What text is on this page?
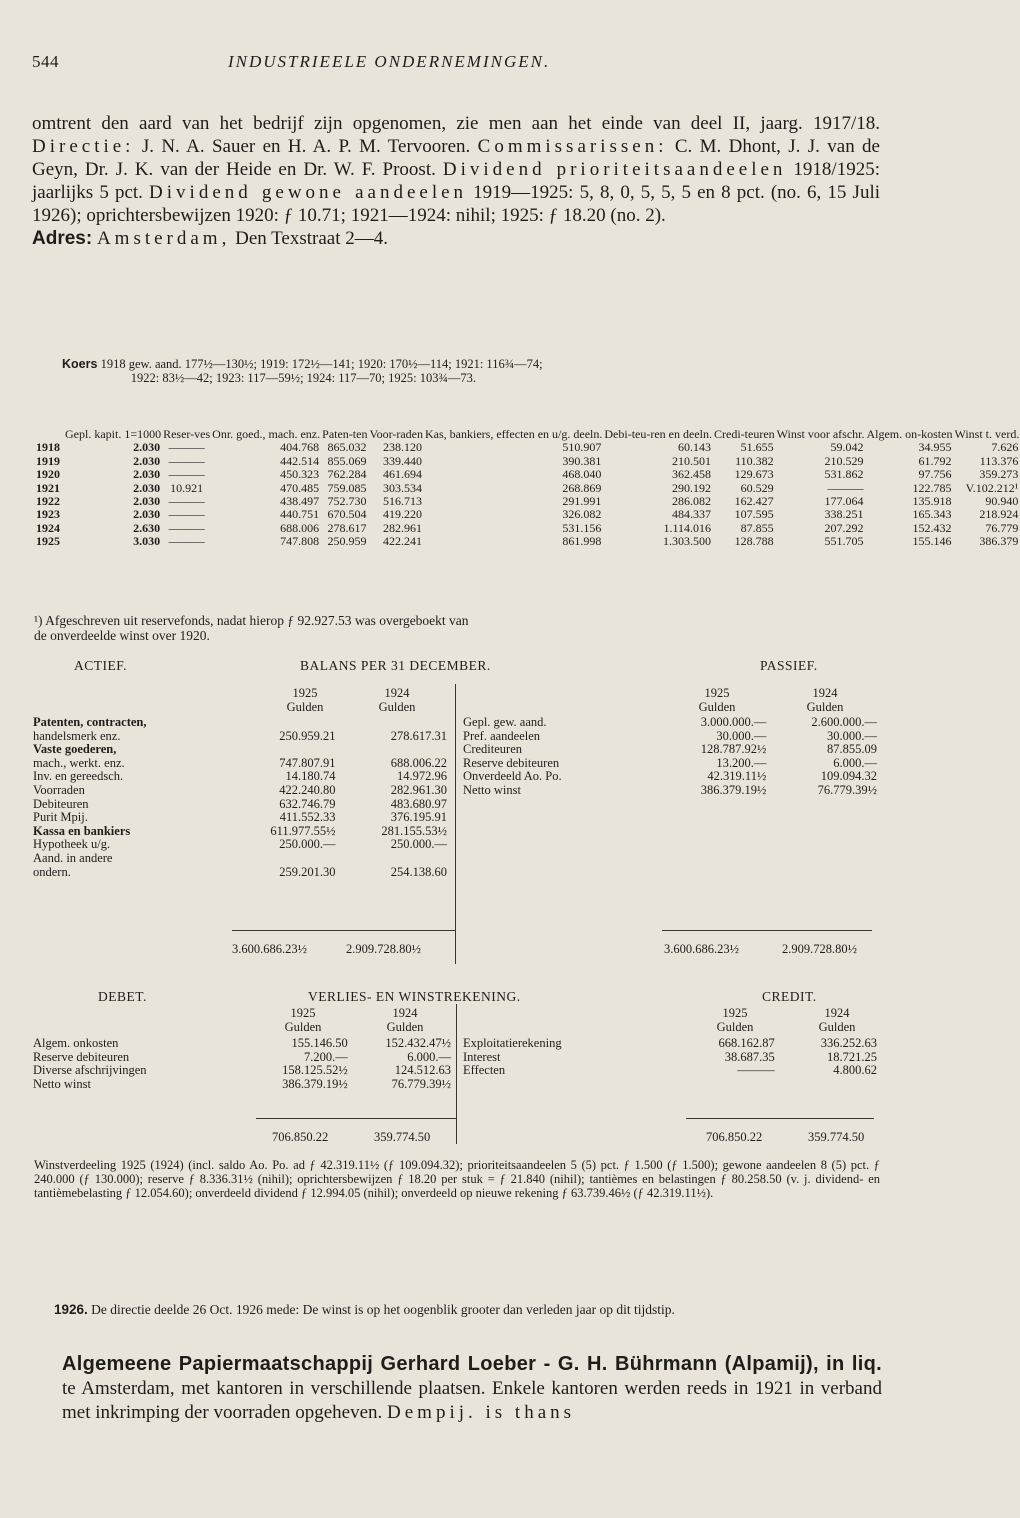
544	INDUSTRIEELE ONDERNEMINGEN.
omtrent den aard van het bedrijf zijn opgenomen, zie men aan het einde van deel II, jaarg. 1917/18. Directie: J. N. A. Sauer en H. A. P. M. Tervooren. Commissarissen: C. M. Dhont, J. J. van de Geyn, Dr. J. K. van der Heide en Dr. W. F. Proost. Dividend prioriteitsaandeelen 1918/1925: jaarlijks 5 pct. Dividend gewone aandeelen 1919—1925: 5, 8, 0, 5, 5, 5 en 8 pct. (no. 6, 15 Juli 1926); oprichtersbewijzen 1920: ƒ 10.71; 1921—1924: nihil; 1925: ƒ 18.20 (no. 2).
Adres: Amsterdam, Den Texstraat 2—4.
Koers 1918 gew. aand. 177½—130½; 1919: 172½—141; 1920: 170½—114; 1921: 116¾—74;
1922: 83½—42; 1923: 117—59½; 1924: 117—70; 1925: 103¾—73.
	Gepl. kapit. 1=1000	Reser-ves	Onr. goed., mach. enz.	Paten-ten	Voor-raden	Kas, bankiers, effecten en u/g. deeln.	Debi-teu-ren en deeln.	Credi-teuren	Winst voor afschr.	Algem. on-kosten	Winst t. verd.
1918	2.030	———	404.768	865.032	238.120	510.907	60.143	51.655	59.042	34.955	7.626
1919	2.030	———	442.514	855.069	339.440	390.381	210.501	110.382	210.529	61.792	113.376
1920	2.030	———	450.323	762.284	461.694	468.040	362.458	129.673	531.862	97.756	359.273
1921	2.030	10.921	470.485	759.085	303.534	268.869	290.192	60.529	———	122.785	V.102.212¹
1922	2.030	———	438.497	752.730	516.713	291.991	286.082	162.427	177.064	135.918	90.940
1923	2.030	———	440.751	670.504	419.220	326.082	484.337	107.595	338.251	165.343	218.924
1924	2.630	———	688.006	278.617	282.961	531.156	1.114.016	87.855	207.292	152.432	76.779
1925	3.030	———	747.808	250.959	422.241	861.998	1.303.500	128.788	551.705	155.146	386.379
¹) Afgeschreven uit reservefonds, nadat hierop ƒ 92.927.53 was overgeboekt van
de onverdeelde winst over 1920.
ACTIEF.	BALANS PER 31 DECEMBER.	PASSIEF.
1925
Gulden
1924
Gulden
1925
Gulden
1924
Gulden
Patenten, contracten,		
handelsmerk enz.	250.959.21	278.617.31
Vaste goederen,		
mach., werkt. enz.	747.807.91	688.006.22
Inv. en gereedsch.	14.180.74	14.972.96
Voorraden	422.240.80	282.961.30
Debiteuren	632.746.79	483.680.97
Purit Mpij.	411.552.33	376.195.91
Kassa en bankiers	611.977.55½	281.155.53½
Hypotheek u/g.	250.000.—	250.000.—
Aand. in andere		
ondern.	259.201.30	254.138.60
3.600.686.23½	2.909.728.80½
Gepl. gew. aand.	3.000.000.—	2.600.000.—
Pref. aandeelen	30.000.—	30.000.—
Crediteuren	128.787.92½	87.855.09
Reserve debiteuren	13.200.—	6.000.—
Onverdeeld Ao. Po.	42.319.11½	109.094.32
Netto winst	386.379.19½	76.779.39½
3.600.686.23½	2.909.728.80½
DEBET.	VERLIES- EN WINSTREKENING.	CREDIT.
1925
Gulden
1924
Gulden
1925
Gulden
1924
Gulden
Algem. onkosten	155.146.50	152.432.47½
Reserve debiteuren	7.200.—	6.000.—
Diverse afschrijvingen	158.125.52½	124.512.63
Netto winst	386.379.19½	76.779.39½
706.850.22	359.774.50
Exploitatierekening	668.162.87	336.252.63
Interest	38.687.35	18.721.25
Effecten	———	4.800.62
706.850.22	359.774.50
Winstverdeeling 1925 (1924) (incl. saldo Ao. Po. ad ƒ 42.319.11½ (ƒ 109.094.32); prioriteitsaandeelen 5 (5) pct. ƒ 1.500 (ƒ 1.500); gewone aandeelen 8 (5) pct. ƒ 240.000 (ƒ 130.000); reserve ƒ 8.336.31½ (nihil); oprichtersbewijzen ƒ 18.20 per stuk = ƒ 21.840 (nihil); tantièmes en belastingen ƒ 80.258.50 (v. j. dividend- en tantièmebelasting ƒ 12.054.60); onverdeeld dividend ƒ 12.994.05 (nihil); onverdeeld op nieuwe rekening ƒ 63.739.46½ (ƒ 42.319.11½).
1926. De directie deelde 26 Oct. 1926 mede: De winst is op het oogenblik grooter dan verleden jaar op dit tijdstip.
Algemeene Papiermaatschappij Gerhard Loeber - G. H. Bührmann (Alpamij), in liq. te Amsterdam, met kantoren in verschillende plaatsen. Enkele kantoren werden reeds in 1921 in verband met inkrimping der voorraden opgeheven. Dempij. is thans
